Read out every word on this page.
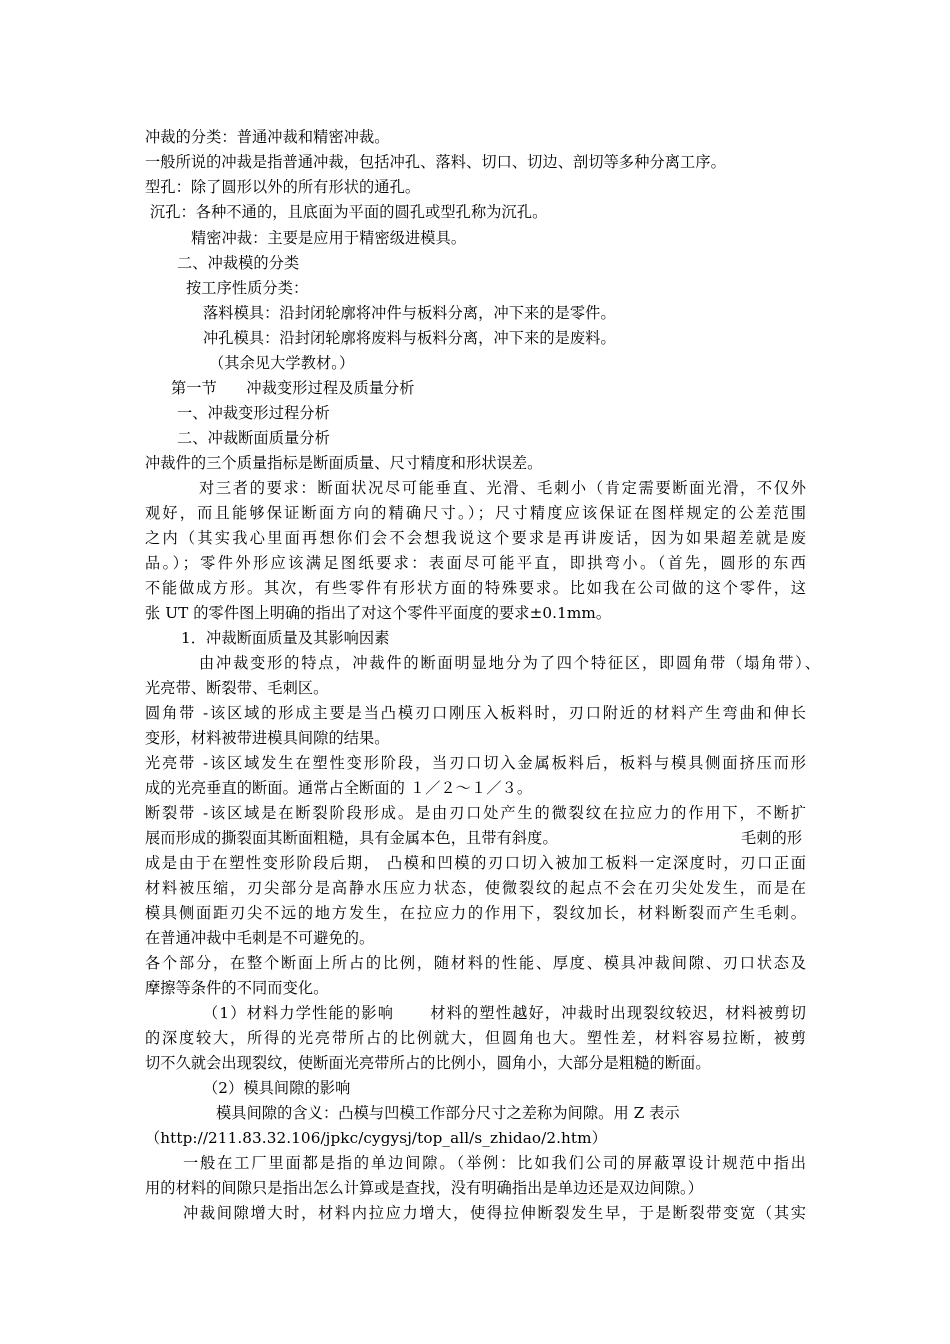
冲裁的分类：普通冲裁和精密冲裁。
一般所说的冲裁是指普通冲裁，包括冲孔、落料、切口、切边、剖切等多种分离工序。
型孔：除了圆形以外的所有形状的通孔。
沉孔：各种不通的，且底面为平面的圆孔或型孔称为沉孔。
精密冲裁：主要是应用于精密级进模具。
二、冲裁模的分类
按工序性质分类：
落料模具：沿封闭轮廓将冲件与板料分离，冲下来的是零件。
冲孔模具：沿封闭轮廓将废料与板料分离，冲下来的是废料。
（其余见大学教材。）
第一节      冲裁变形过程及质量分析
一、冲裁变形过程分析
二、冲裁断面质量分析
冲裁件的三个质量指标是断面质量、尺寸精度和形状误差。
对三者的要求：断面状况尽可能垂直、光滑、毛刺小（肯定需要断面光滑，不仅外
观好，而且能够保证断面方向的精确尺寸。）；尺寸精度应该保证在图样规定的公差范围
之内（其实我心里面再想你们会不会想我说这个要求是再讲废话，因为如果超差就是废
品。）；零件外形应该满足图纸要求：表面尽可能平直，即拱弯小。（首先，圆形的东西
不能做成方形。其次，有些零件有形状方面的特殊要求。比如我在公司做的这个零件，这
张 UT 的零件图上明确的指出了对这个零件平面度的要求±0.1mm。
1．冲裁断面质量及其影响因素
由冲裁变形的特点，冲裁件的断面明显地分为了四个特征区，即圆角带（塌角带）、
光亮带、断裂带、毛刺区。
圆角带 -该区域的形成主要是当凸模刃口刚压入板料时，刃口附近的材料产生弯曲和伸长
变形，材料被带进模具间隙的结果。
光亮带 -该区域发生在塑性变形阶段，当刃口切入金属板料后，板料与模具侧面挤压而形
成的光亮垂直的断面。通常占全断面的 １／２～１／３。
断裂带 -该区域是在断裂阶段形成。是由刃口处产生的微裂纹在拉应力的作用下，不断扩
展而形成的撕裂面其断面粗糙，具有金属本色，且带有斜度。	毛刺的形
成是由于在塑性变形阶段后期， 凸模和凹模的刃口切入被加工板料一定深度时，刃口正面
材料被压缩，刃尖部分是高静水压应力状态，使微裂纹的起点不会在刃尖处发生，而是在
模具侧面距刃尖不远的地方发生，在拉应力的作用下，裂纹加长，材料断裂而产生毛刺。
在普通冲裁中毛刺是不可避免的。
各个部分，在整个断面上所占的比例，随材料的性能、厚度、模具冲裁间隙、刃口状态及
摩擦等条件的不同而变化。
（1）材料力学性能的影响      材料的塑性越好，冲裁时出现裂纹较迟，材料被剪切
的深度较大，所得的光亮带所占的比例就大，但圆角也大。塑性差，材料容易拉断，被剪
切不久就会出现裂纹，使断面光亮带所占的比例小，圆角小，大部分是粗糙的断面。
（2）模具间隙的影响
模具间隙的含义：凸模与凹模工作部分尺寸之差称为间隙。用 Z 表示
（http://211.83.32.106/jpkc/cygysj/top_all/s_zhidao/2.htm）
一般在工厂里面都是指的单边间隙。（举例：比如我们公司的屏蔽罩设计规范中指出
用的材料的间隙只是指出怎么计算或是查找，没有明确指出是单边还是双边间隙。）
冲裁间隙增大时，材料内拉应力增大，使得拉伸断裂发生早，于是断裂带变宽（其实
